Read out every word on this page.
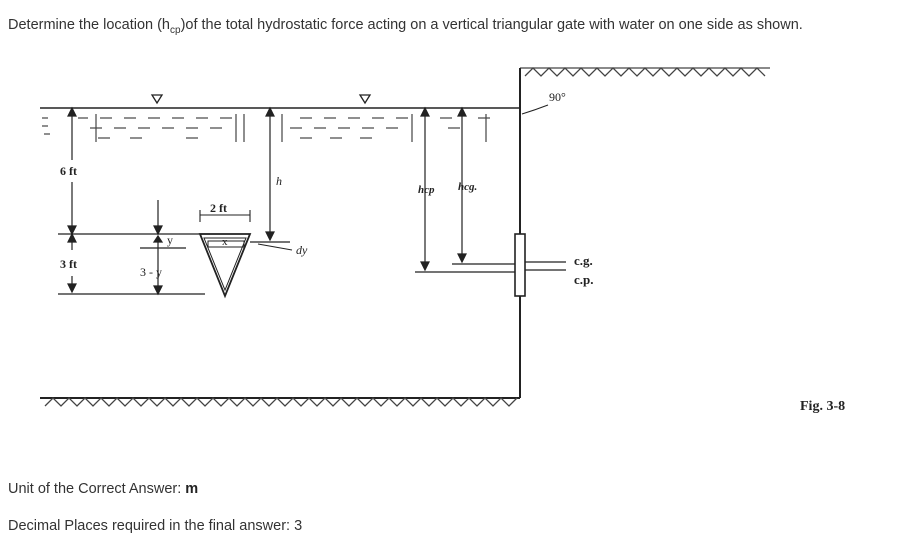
Determine the location $(h_{cp})of$ the total hydrostatic force acting on a vertical triangular gate with water on one side as shown.
90°
6 ft
3 ft
y
3 - y
2 ft
x
h
dy
hcp hcg.
c.g.
c.p.
Fig. 3-8
Unit of the Correct Answer: m
Decimal Places required in the final answer: 3
